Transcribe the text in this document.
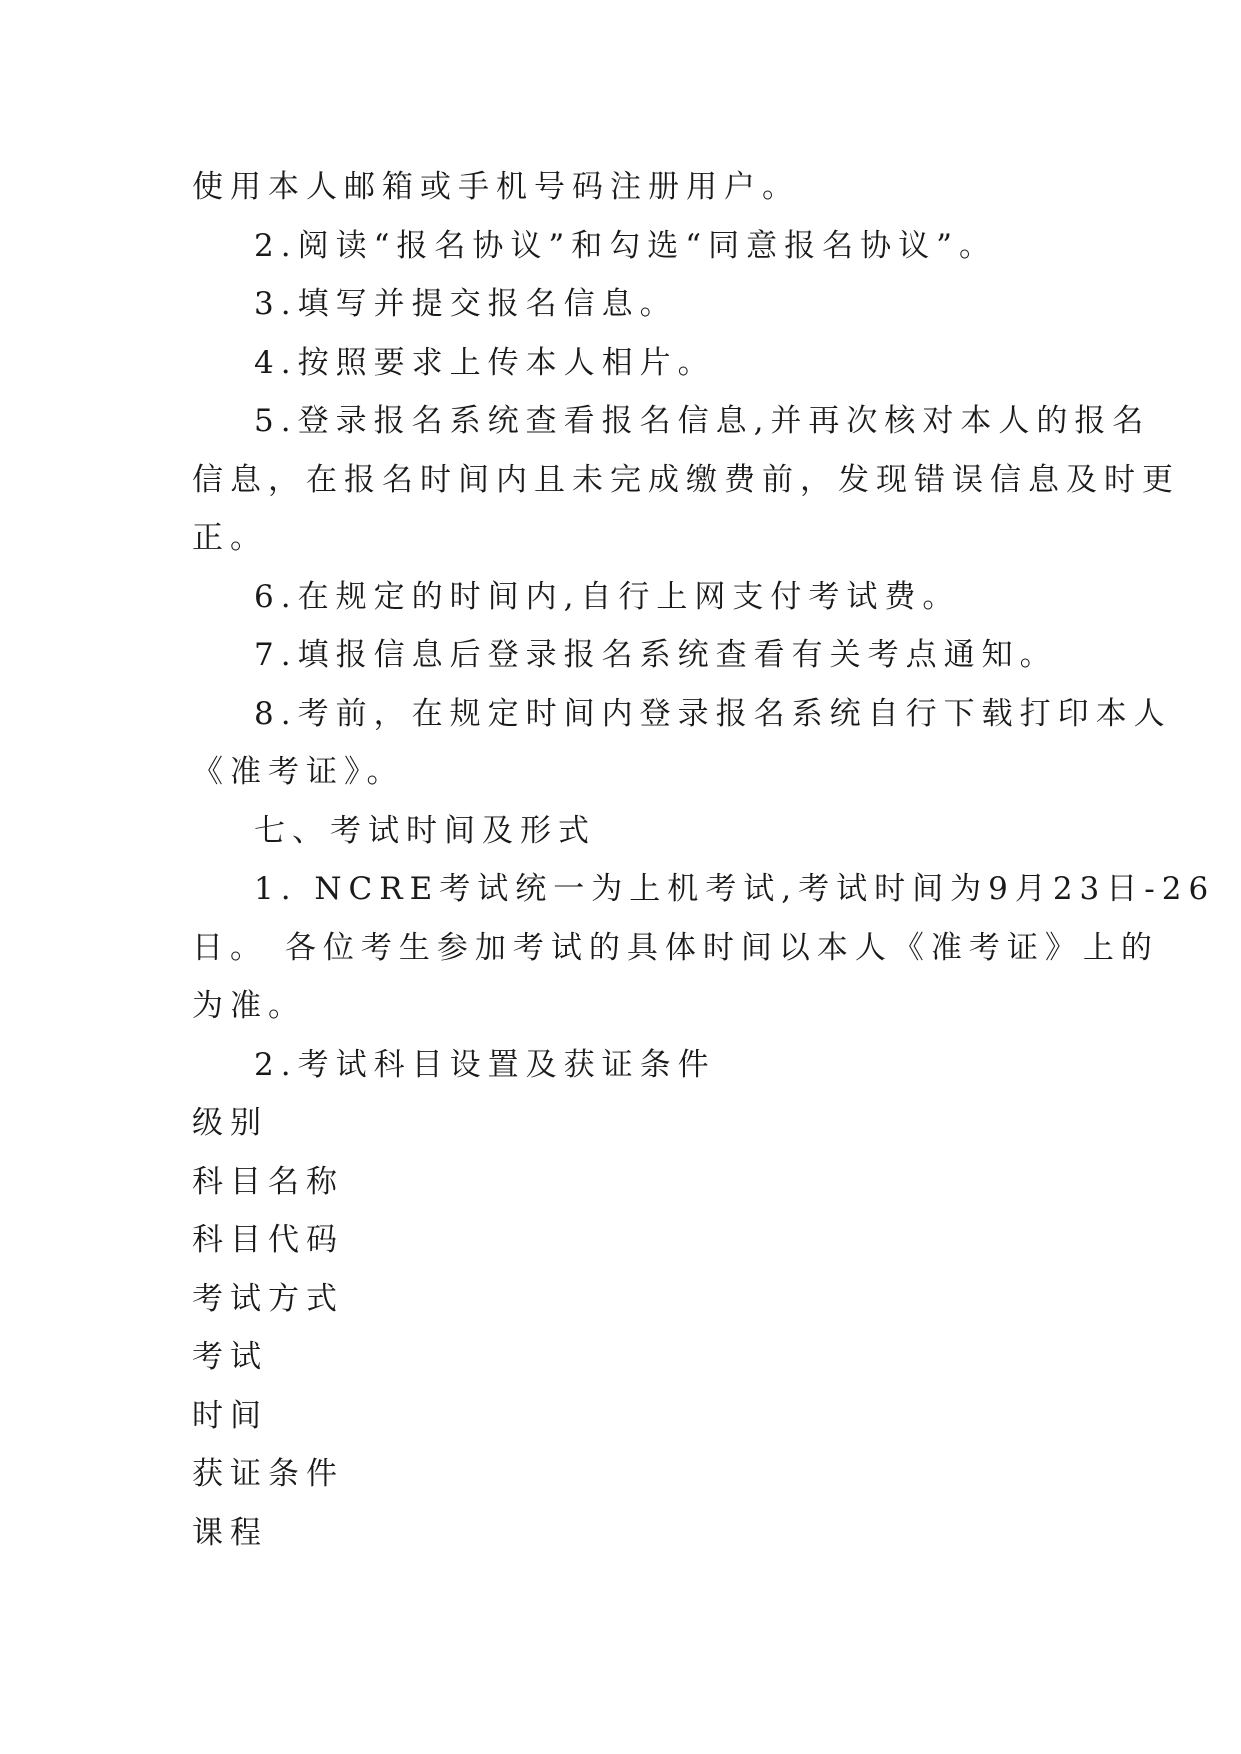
使用本人邮箱或手机号码注册用户。
2.阅读“报名协议”和勾选“同意报名协议”。
3.填写并提交报名信息。
4.按照要求上传本人相片。
5.登录报名系统查看报名信息,并再次核对本人的报名
信息，在报名时间内且未完成缴费前，发现错误信息及时更
正。
6.在规定的时间内,自行上网支付考试费。
7.填报信息后登录报名系统查看有关考点通知。
8.考前，在规定时间内登录报名系统自行下载打印本人
《准考证》。
七、考试时间及形式
1. NCRE考试统一为上机考试,考试时间为9月23日-26
日。 各位考生参加考试的具体时间以本人《准考证》上的
为准。
2.考试科目设置及获证条件
级别
科目名称
科目代码
考试方式
考试
时间
获证条件
课程
